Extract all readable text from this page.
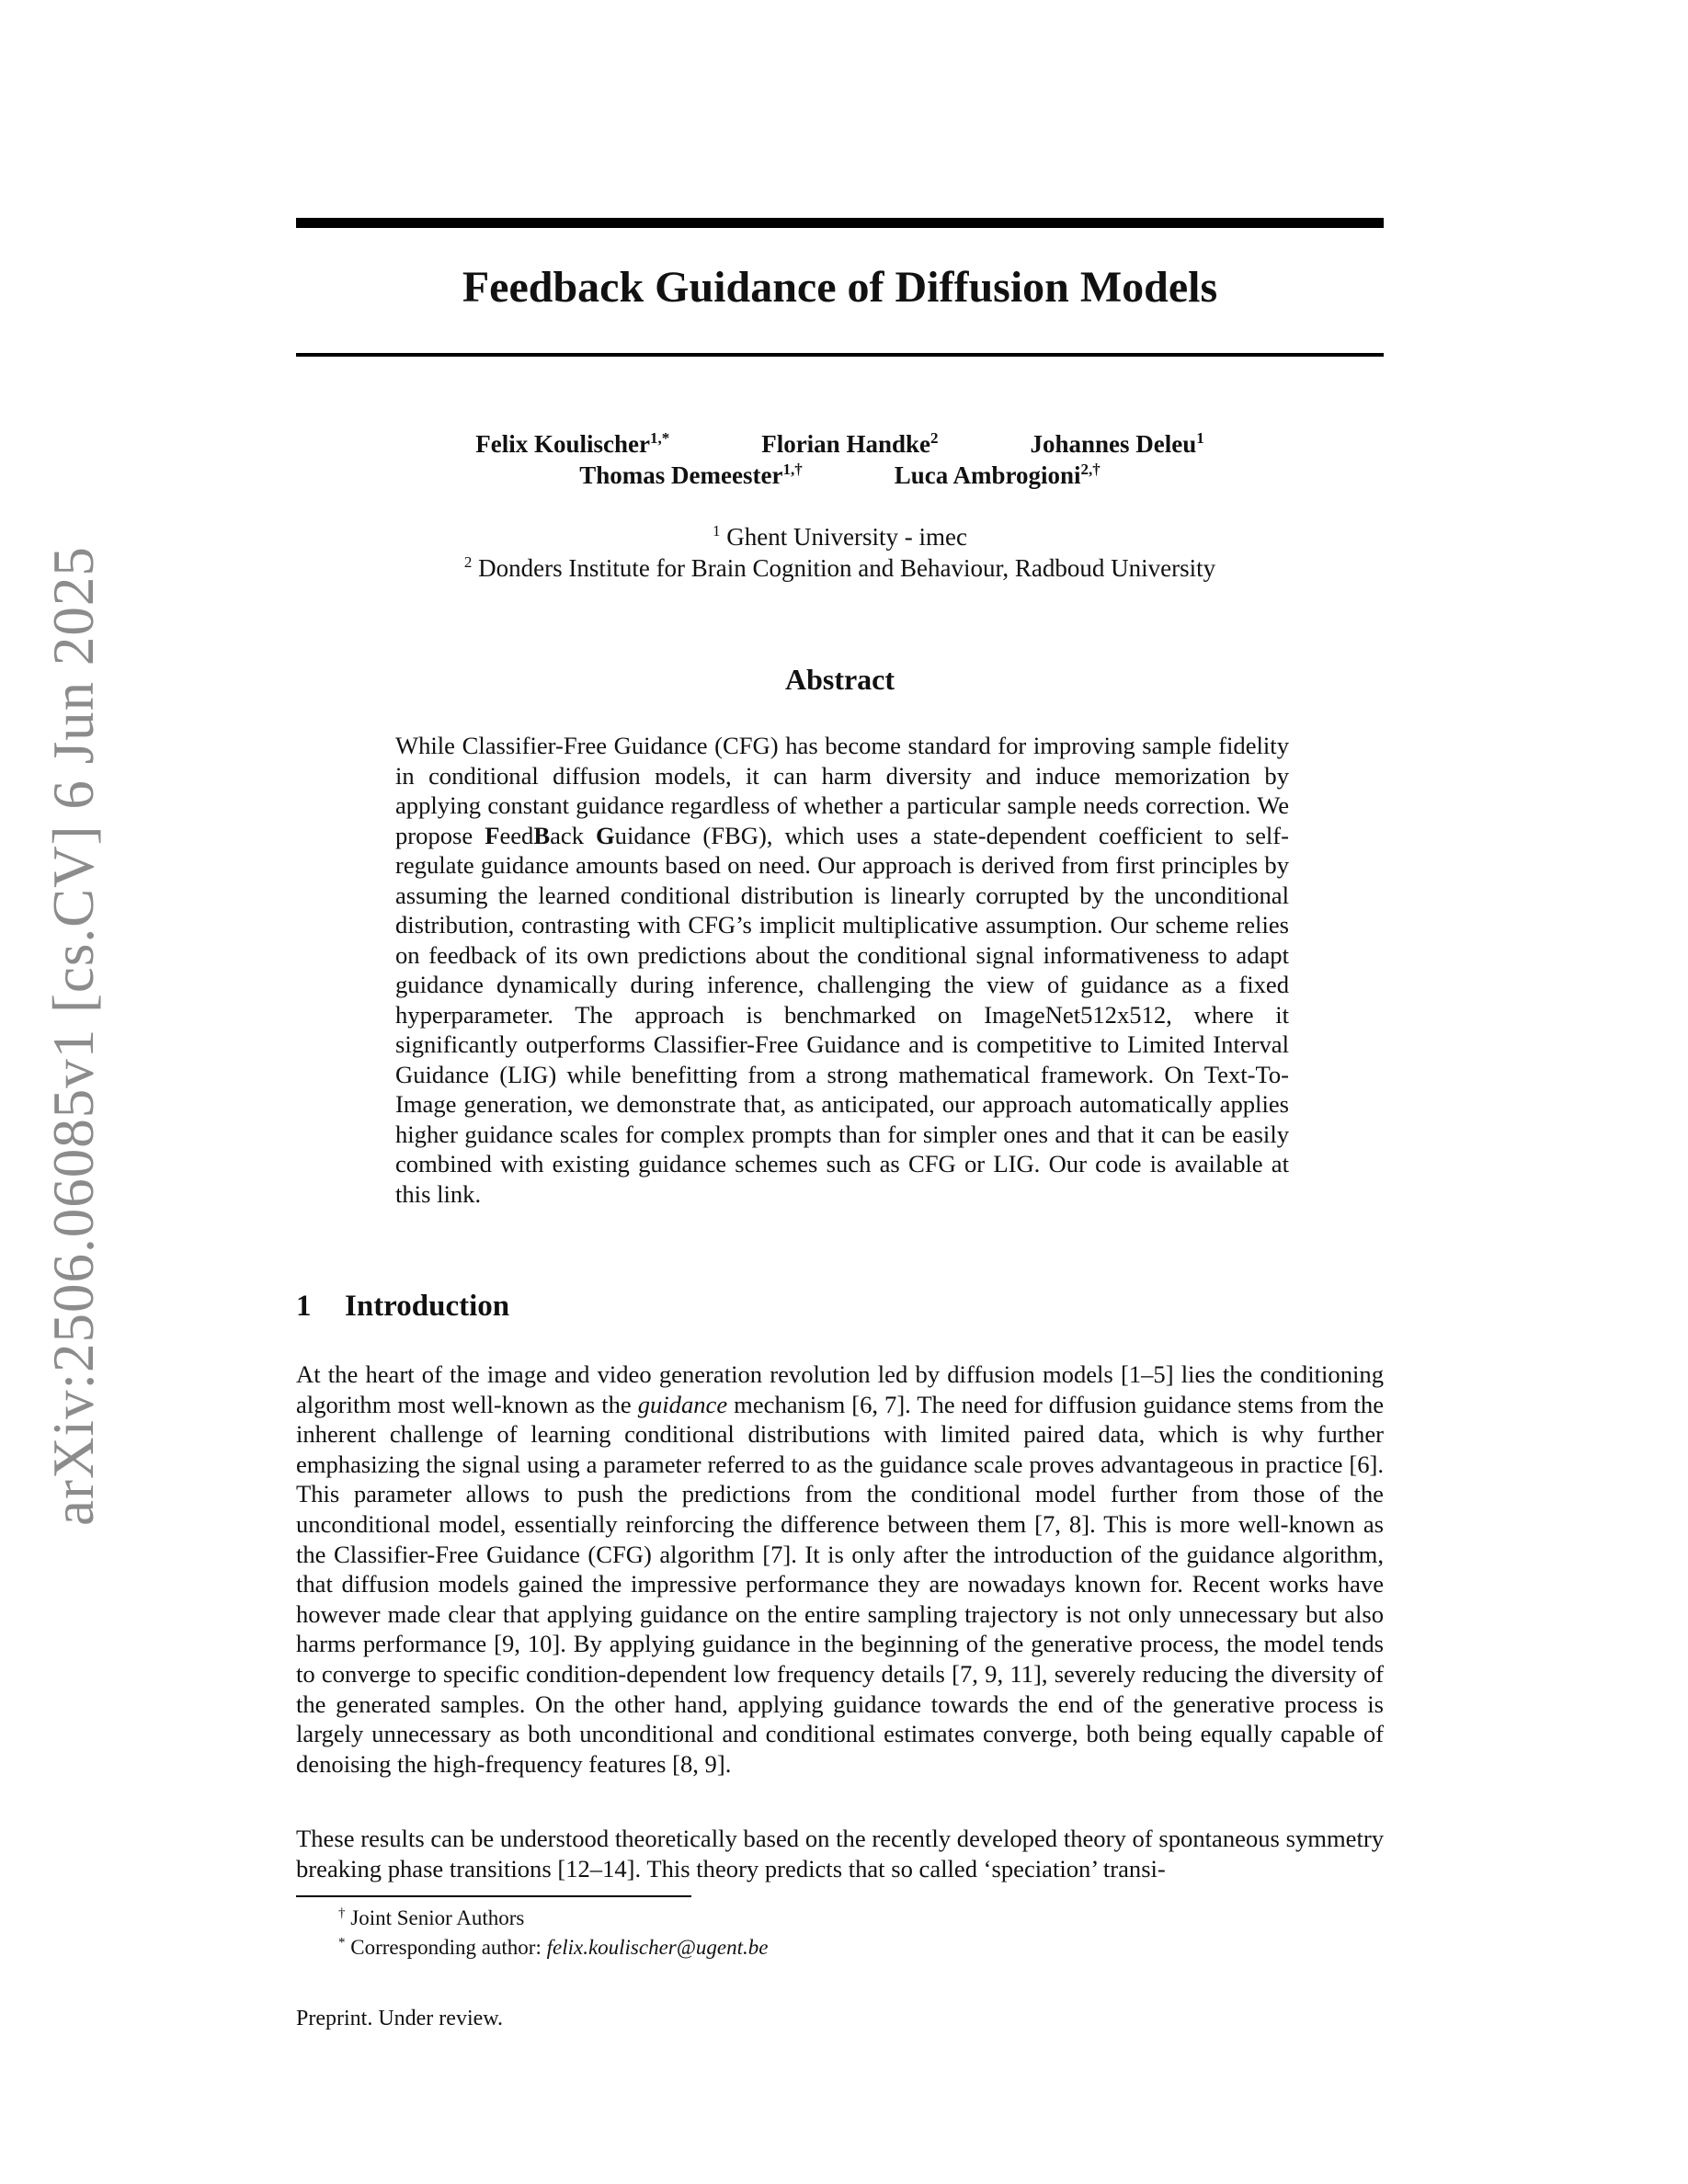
arXiv:2506.06085v1 [cs.CV] 6 Jun 2025
Feedback Guidance of Diffusion Models
Felix Koulischer$^{1,*}$	Florian Handke$^2$	Johannes Deleu$^1$
Thomas Demeester$^{1,\dagger}$	Luca Ambrogioni$^{2,\dagger}$
$^1$ Ghent University - imec
$^2$ Donders Institute for Brain Cognition and Behaviour, Radboud University
Abstract

While Classifier-Free Guidance (CFG) has become standard for improving sample fidelity in conditional diffusion models, it can harm diversity and induce memorization by applying constant guidance regardless of whether a particular sample needs correction. We propose FeedBack Guidance (FBG), which uses a state-dependent coefficient to self-regulate guidance amounts based on need. Our approach is derived from first principles by assuming the learned conditional distribution is linearly corrupted by the unconditional distribution, contrasting with CFG’s implicit multiplicative assumption. Our scheme relies on feedback of its own predictions about the conditional signal informativeness to adapt guidance dynamically during inference, challenging the view of guidance as a fixed hyperparameter. The approach is benchmarked on ImageNet512x512, where it significantly outperforms Classifier-Free Guidance and is competitive to Limited Interval Guidance (LIG) while benefitting from a strong mathematical framework. On Text-To-Image generation, we demonstrate that, as anticipated, our approach automatically applies higher guidance scales for complex prompts than for simpler ones and that it can be easily combined with existing guidance schemes such as CFG or LIG. Our code is available at this link.

1 Introduction

At the heart of the image and video generation revolution led by diffusion models [1–5] lies the conditioning algorithm most well-known as the guidance mechanism [6, 7]. The need for diffusion guidance stems from the inherent challenge of learning conditional distributions with limited paired data, which is why further emphasizing the signal using a parameter referred to as the guidance scale proves advantageous in practice [6]. This parameter allows to push the predictions from the conditional model further from those of the unconditional model, essentially reinforcing the difference between them [7, 8]. This is more well-known as the Classifier-Free Guidance (CFG) algorithm [7]. It is only after the introduction of the guidance algorithm, that diffusion models gained the impressive performance they are nowadays known for. Recent works have however made clear that applying guidance on the entire sampling trajectory is not only unnecessary but also harms performance [9, 10]. By applying guidance in the beginning of the generative process, the model tends to converge to specific condition-dependent low frequency details [7, 9, 11], severely reducing the diversity of the generated samples. On the other hand, applying guidance towards the end of the generative process is largely unnecessary as both unconditional and conditional estimates converge, both being equally capable of denoising the high-frequency features [8, 9].

These results can be understood theoretically based on the recently developed theory of spontaneous symmetry breaking phase transitions [12–14]. This theory predicts that so called ‘speciation’ transi-

† Joint Senior Authors
* Corresponding author: felix.koulischer@ugent.be

Preprint. Under review.
